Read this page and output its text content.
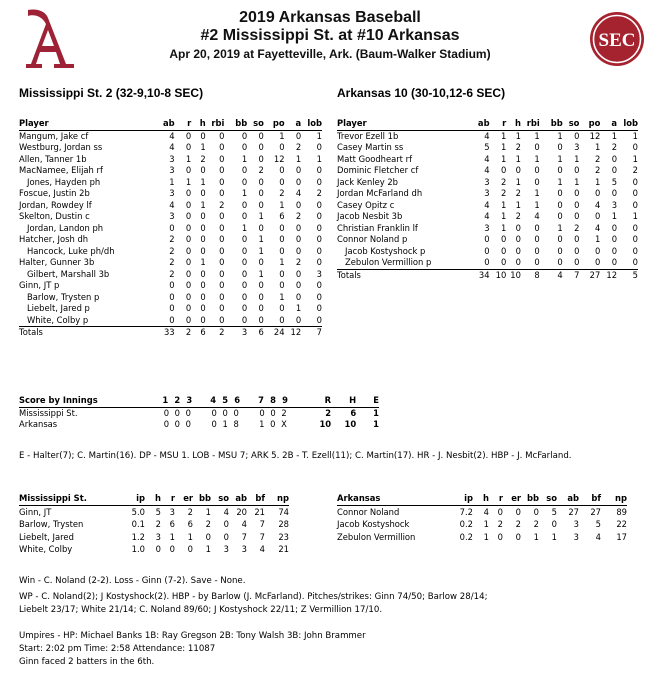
2019 Arkansas Baseball
#2 Mississippi St. at #10 Arkansas
Apr 20, 2019 at Fayetteville, Ark. (Baum-Walker Stadium)
SEC
Mississippi St. 2 (32-9,10-8 SEC)	Arkansas 10 (30-10,12-6 SEC)
Player	ab	r	h	rbi	bb	so	po	a	lob
Mangum, Jake cf	4	0	0	0	0	0	1	0	1
Westburg, Jordan ss	4	0	1	0	0	0	0	2	0
Allen, Tanner 1b	3	1	2	0	1	0	12	1	1
MacNamee, Elijah rf	3	0	0	0	0	2	0	0	0
Jones, Hayden ph	1	1	1	0	0	0	0	0	0
Foscue, Justin 2b	3	0	0	0	1	0	2	4	2
Jordan, Rowdey lf	4	0	1	2	0	0	1	0	0
Skelton, Dustin c	3	0	0	0	0	1	6	2	0
Jordan, Landon ph	0	0	0	0	1	0	0	0	0
Hatcher, Josh dh	2	0	0	0	0	1	0	0	0
Hancock, Luke ph/dh	2	0	0	0	0	1	0	0	0
Halter, Gunner 3b	2	0	1	0	0	0	1	2	0
Gilbert, Marshall 3b	2	0	0	0	0	1	0	0	3
Ginn, JT p	0	0	0	0	0	0	0	0	0
Barlow, Trysten p	0	0	0	0	0	0	1	0	0
Liebelt, Jared p	0	0	0	0	0	0	0	1	0
White, Colby p	0	0	0	0	0	0	0	0	0
Totals	33	2	6	2	3	6	24	12	7
Player	ab	r	h	rbi	bb	so	po	a	lob
Trevor Ezell 1b	4	1	1	1	1	0	12	1	1
Casey Martin ss	5	1	2	0	0	3	1	2	0
Matt Goodheart rf	4	1	1	1	1	1	2	0	1
Dominic Fletcher cf	4	0	0	0	0	0	2	0	2
Jack Kenley 2b	3	2	1	0	1	1	1	5	0
Jordan McFarland dh	3	2	2	1	0	0	0	0	0
Casey Opitz c	4	1	1	1	0	0	4	3	0
Jacob Nesbit 3b	4	1	2	4	0	0	0	1	1
Christian Franklin lf	3	1	0	0	1	2	4	0	0
Connor Noland p	0	0	0	0	0	0	1	0	0
Jacob Kostyshock p	0	0	0	0	0	0	0	0	0
Zebulon Vermillion p	0	0	0	0	0	0	0	0	0
Totals	34	10	10	8	4	7	27	12	5
Score by Innings	1 2 3	4 5 6	7 8 9	R	H	E
Mississippi St.	0 0 0	0 0 0	0 0 2	2	6	1
Arkansas	0 0 0	0 1 8	1 0 X	10	10	1

E - Halter(7); C. Martin(16). DP - MSU 1. LOB - MSU 7; ARK 5. 2B - T. Ezell(11); C. Martin(17). HR - J. Nesbit(2). HBP - J. McFarland.

Mississippi St.	ip	h	r	er	bb	so	ab	bf	np
Ginn, JT	5.0	5	3	2	1	4	20	21	74
Barlow, Trysten	0.1	2	6	6	2	0	4	7	28
Liebelt, Jared	1.2	3	1	1	0	0	7	7	23
White, Colby	1.0	0	0	0	1	3	3	4	21
Arkansas	ip	h	r	er	bb	so	ab	bf	np
Connor Noland	7.2	4	0	0	0	5	27	27	89
Jacob Kostyshock	0.2	1	2	2	2	0	3	5	22
Zebulon Vermillion	0.2	1	0	0	1	1	3	4	17

Win - C. Noland (2-2). Loss - Ginn (7-2). Save - None.

WP - C. Noland(2); J Kostyshock(2). HBP - by Barlow (J. McFarland). Pitches/strikes: Ginn 74/50; Barlow 28/14;

Liebelt 23/17; White 21/14; C. Noland 89/60; J Kostyshock 22/11; Z Vermillion 17/10.

Umpires - HP: Michael Banks 1B: Ray Gregson 2B: Tony Walsh 3B: John Brammer

Start: 2:02 pm Time: 2:58 Attendance: 11087

Ginn faced 2 batters in the 6th.
